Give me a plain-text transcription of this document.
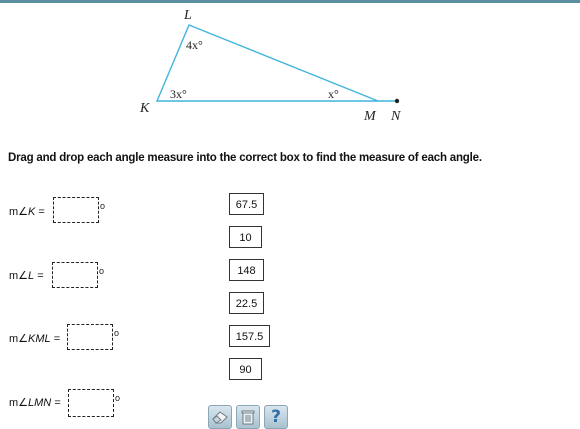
L
K
M N
4x°
3x°	x°
Drag and drop each angle measure into the correct box to find the measure of each angle.
m∠K =	o
m∠L =	o
m∠KML =	o
m∠LMN =	o
67.5
10
148
22.5
157.5
90
?
